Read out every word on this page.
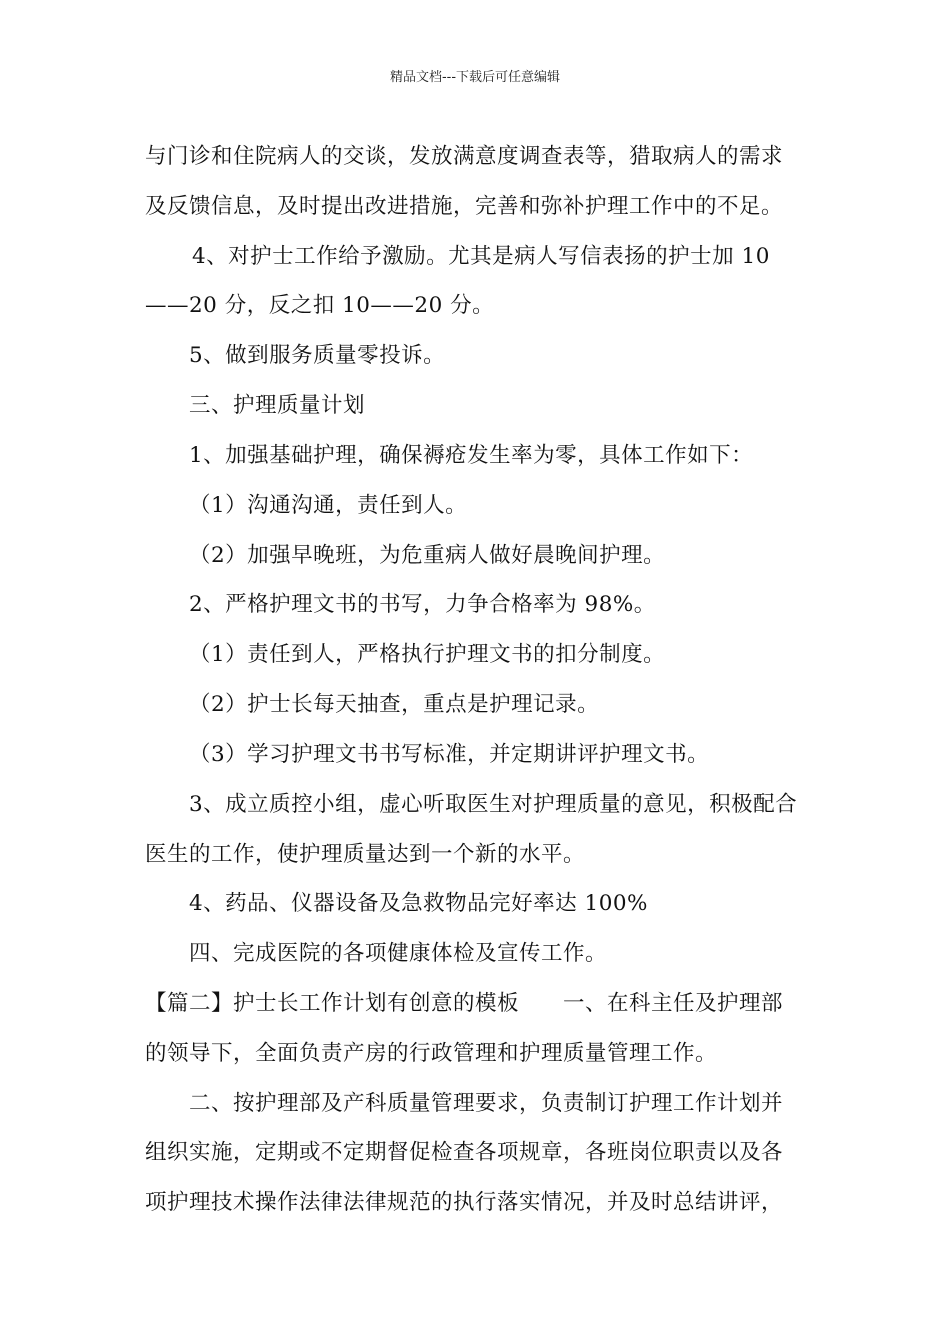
精品文档---下载后可任意编辑
与门诊和住院病人的交谈，发放满意度调查表等，猎取病人的需求
及反馈信息，及时提出改进措施，完善和弥补护理工作中的不足。
4、对护士工作给予激励。尤其是病人写信表扬的护士加 10
——20 分，反之扣 10——20 分。
5、做到服务质量零投诉。
三、护理质量计划
1、加强基础护理，确保褥疮发生率为零，具体工作如下：
（1）沟通沟通，责任到人。
（2）加强早晚班，为危重病人做好晨晚间护理。
2、严格护理文书的书写，力争合格率为 98%。
（1）责任到人，严格执行护理文书的扣分制度。
（2）护士长每天抽查，重点是护理记录。
（3）学习护理文书书写标准，并定期讲评护理文书。
3、成立质控小组，虚心听取医生对护理质量的意见，积极配合
医生的工作，使护理质量达到一个新的水平。
4、药品、仪器设备及急救物品完好率达 100%
四、完成医院的各项健康体检及宣传工作。
【篇二】护士长工作计划有创意的模板　　一、在科主任及护理部
的领导下，全面负责产房的行政管理和护理质量管理工作。
二、按护理部及产科质量管理要求，负责制订护理工作计划并
组织实施，定期或不定期督促检查各项规章，各班岗位职责以及各
项护理技术操作法律法律规范的执行落实情况，并及时总结讲评，
